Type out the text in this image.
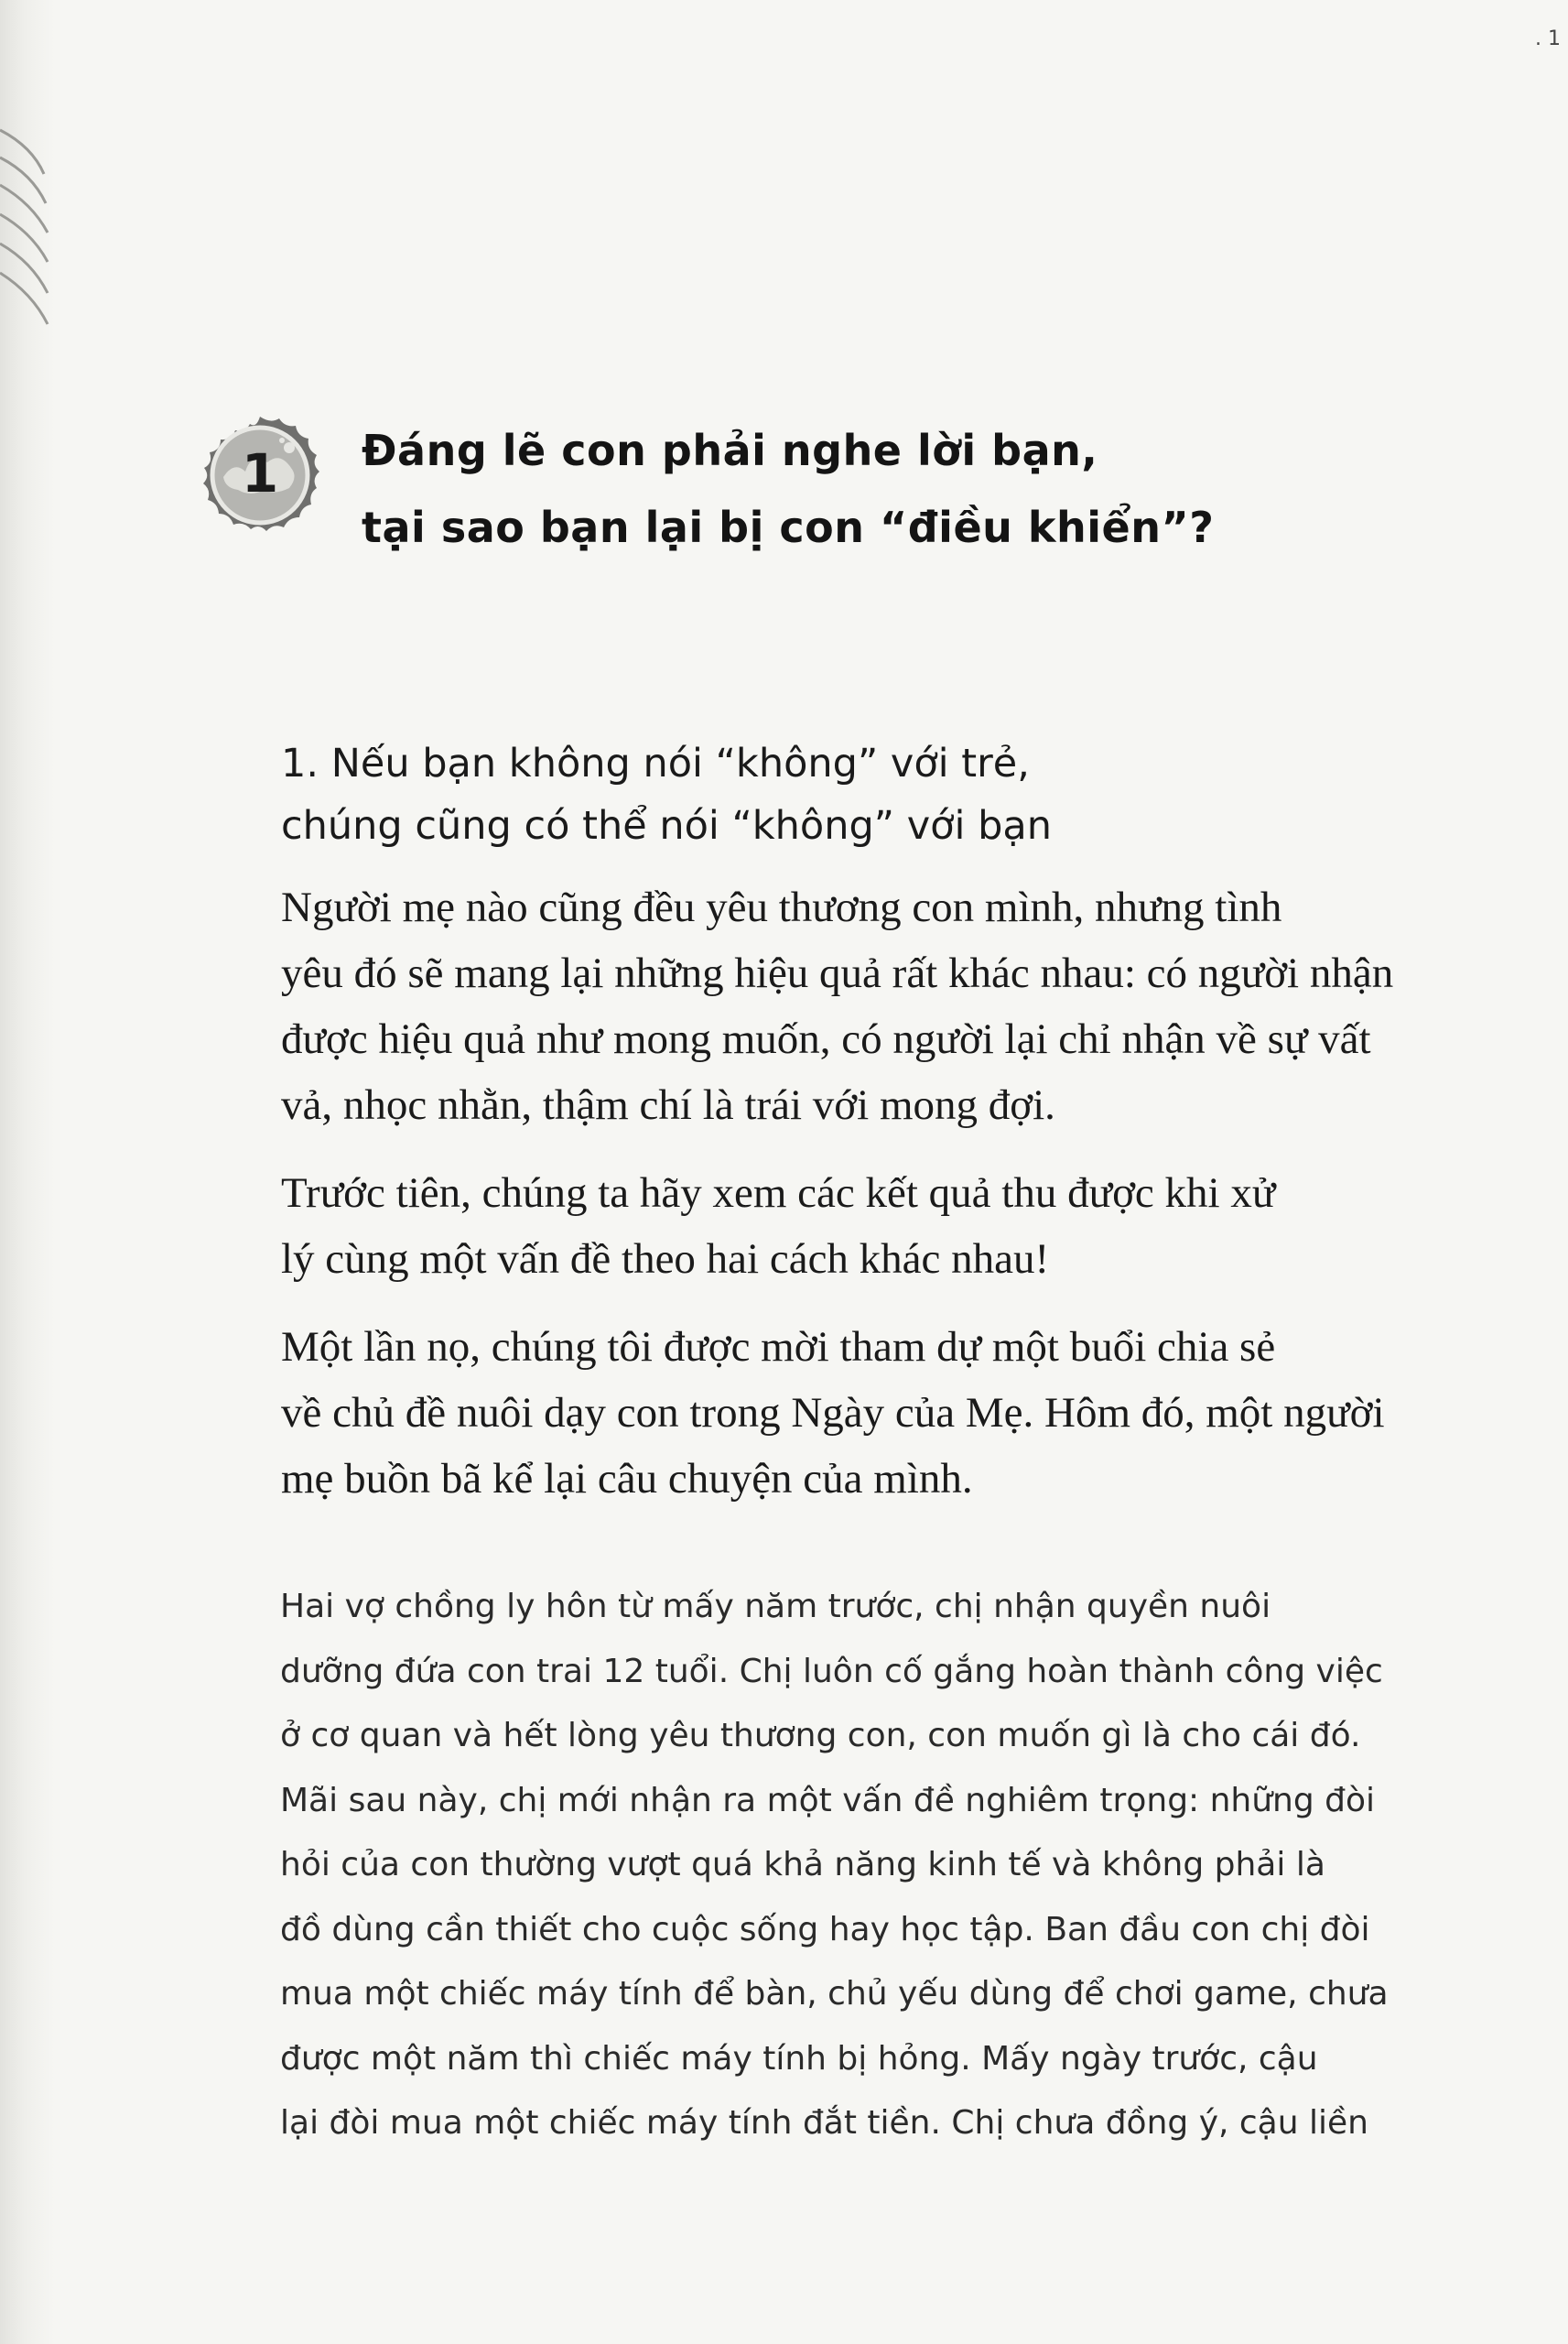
. 1
1 Đáng lẽ con phải nghe lời bạn,
tại sao bạn lại bị con “điều khiển”?
1. Nếu bạn không nói “không” với trẻ,
chúng cũng có thể nói “không” với bạn
Người mẹ nào cũng đều yêu thương con mình, nhưng tình
yêu đó sẽ mang lại những hiệu quả rất khác nhau: có người nhận
được hiệu quả như mong muốn, có người lại chỉ nhận về sự vất
vả, nhọc nhằn, thậm chí là trái với mong đợi.
Trước tiên, chúng ta hãy xem các kết quả thu được khi xử
lý cùng một vấn đề theo hai cách khác nhau!
Một lần nọ, chúng tôi được mời tham dự một buổi chia sẻ
về chủ đề nuôi dạy con trong Ngày của Mẹ. Hôm đó, một người
mẹ buồn bã kể lại câu chuyện của mình.
Hai vợ chồng ly hôn từ mấy năm trước, chị nhận quyền nuôi
dưỡng đứa con trai 12 tuổi. Chị luôn cố gắng hoàn thành công việc
ở cơ quan và hết lòng yêu thương con, con muốn gì là cho cái đó.
Mãi sau này, chị mới nhận ra một vấn đề nghiêm trọng: những đòi
hỏi của con thường vượt quá khả năng kinh tế và không phải là
đồ dùng cần thiết cho cuộc sống hay học tập. Ban đầu con chị đòi
mua một chiếc máy tính để bàn, chủ yếu dùng để chơi game, chưa
được một năm thì chiếc máy tính bị hỏng. Mấy ngày trước, cậu
lại đòi mua một chiếc máy tính đắt tiền. Chị chưa đồng ý, cậu liền
